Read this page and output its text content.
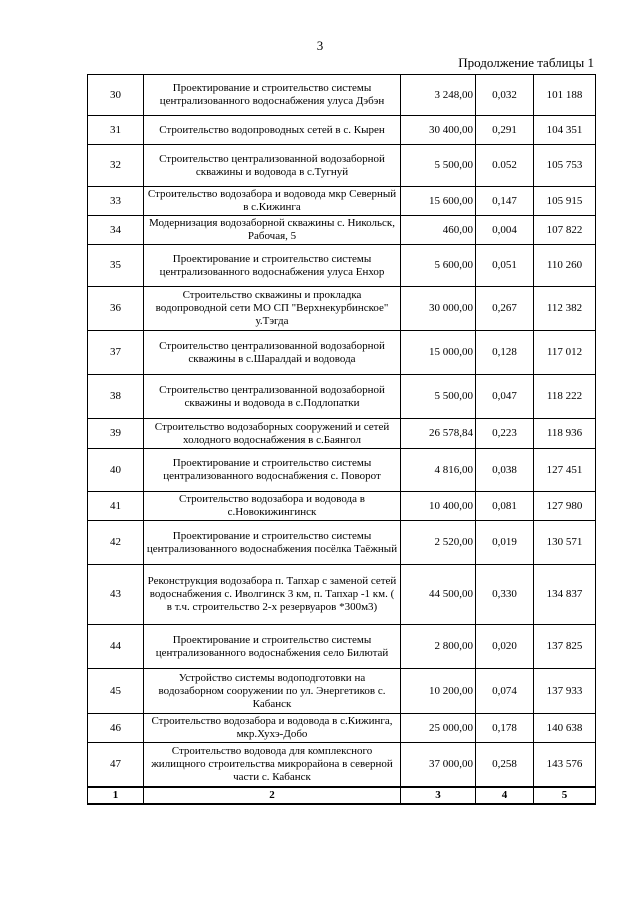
3
Продолжение таблицы 1
30	Проектирование и строительство системы централизованного водоснабжения улуса Дэбэн	3 248,00	0,032	101 188
31	Строительство водопроводных сетей в с. Кырен	30 400,00	0,291	104 351
32	Строительство централизованной водозаборной скважины и водовода в с.Тугнуй	5 500,00	0.052	105 753
33	Строительство водозабора и водовода мкр Северный в с.Кижинга	15 600,00	0,147	105 915
34	Модернизация водозаборной скважины с. Никольск, Рабочая, 5	460,00	0,004	107 822
35	Проектирование и строительство системы централизованного водоснабжения улуса Енхор	5 600,00	0,051	110 260
36	Строительство скважины и прокладка водопроводной сети МО СП "Верхнекурбинское" у.Тэгда	30 000,00	0,267	112 382
37	Строительство централизованной водозаборной скважины в с.Шаралдай и водовода	15 000,00	0,128	117 012
38	Строительство централизованной водозаборной скважины и водовода в с.Подлопатки	5 500,00	0,047	118 222
39	Строительство водозаборных сооружений и сетей холодного водоснабжения в с.Баянгол	26 578,84	0,223	118 936
40	Проектирование и строительство системы централизованного водоснабжения с. Поворот	4 816,00	0,038	127 451
41	Строительство водозабора и водовода в с.Новокижингинск	10 400,00	0,081	127 980
42	Проектирование и строительство системы централизованного водоснабжения посёлка Таёжный	2 520,00	0,019	130 571
43	Реконструкция водозабора п. Тапхар с заменой сетей водоснабжения с. Иволгинск 3 км, п. Тапхар -1 км. ( в т.ч. строительство 2-х резервуаров *300м3)	44 500,00	0,330	134 837
44	Проектирование и строительство системы централизованного водоснабжения село Билютай	2 800,00	0,020	137 825
45	Устройство системы водоподготовки на водозаборном сооружении по ул. Энергетиков с. Кабанск	10 200,00	0,074	137 933
46	Строительство водозабора и водовода в с.Кижинга, мкр.Хухэ-Добо	25 000,00	0,178	140 638
47	Строительство водовода для комплексного жилищного строительства микрорайона в северной части с. Кабанск	37 000,00	0,258	143 576
1	2	3	4	5
